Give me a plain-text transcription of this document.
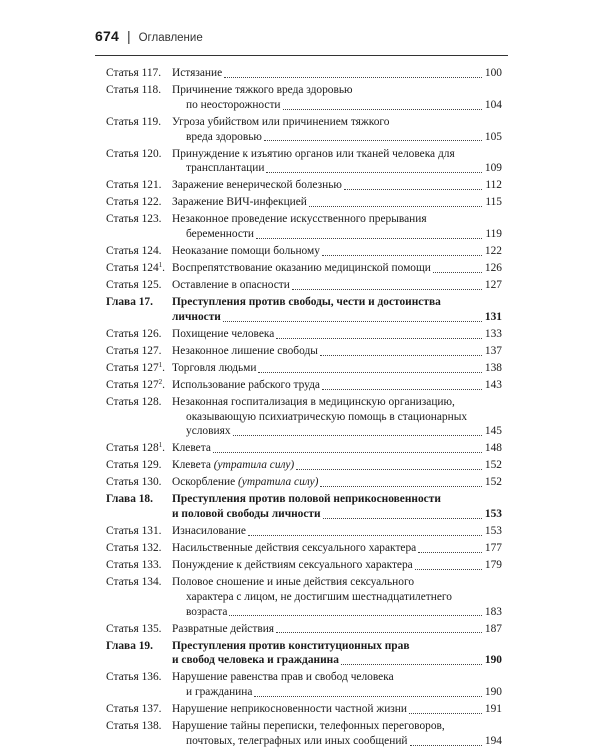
674 | Оглавление
Статья 117. Истязание	100
Статья 118. Причинение тяжкого вреда здоровью
по неосторожности	104
Статья 119. Угроза убийством или причинением тяжкого
вреда здоровью	105
Статья 120. Принуждение к изъятию органов или тканей человека для
трансплантации	109
Статья 121. Заражение венерической болезнью	112
Статья 122. Заражение ВИЧ-инфекцией	115
Статья 123. Незаконное проведение искусственного прерывания
беременности	119
Статья 124. Неоказание помощи больному	122
Статья $124^1$. Воспрепятствование оказанию медицинской помощи	126
Статья 125. Оставление в опасности	127
Глава 17.	Преступления против свободы, чести и достоинства
личности	131
Статья 126. Похищение человека	133
Статья 127. Незаконное лишение свободы	137
Статья $127^1$. Торговля людьми	138
Статья $127^2$. Использование рабского труда	143
Статья 128. Незаконная госпитализация в медицинскую организацию,
оказывающую психиатрическую помощь в стационарных
условиях	145
Статья $128^1$. Клевета	148
Статья 129. Клевета
(утратила силу)	152
Статья 130. Оскорбление
(утратила силу)	152
Глава 18.	Преступления против половой неприкосновенности
и половой свободы личности	153
Статья 131. Изнасилование	153
Статья 132. Насильственные действия сексуального характера	177
Статья 133. Понуждение к действиям сексуального характера	179
Статья 134. Половое сношение и иные действия сексуального
характера с лицом, не достигшим шестнадцатилетнего
возраста	183
Статья 135. Развратные действия	187
Глава 19.	Преступления против конституционных прав
и свобод человека и гражданина	190
Статья 136. Нарушение равенства прав и свобод человека
и гражданина	190
Статья 137. Нарушение неприкосновенности частной жизни	191
Статья 138. Нарушение тайны переписки, телефонных переговоров,
почтовых, телеграфных или иных сообщений	194
